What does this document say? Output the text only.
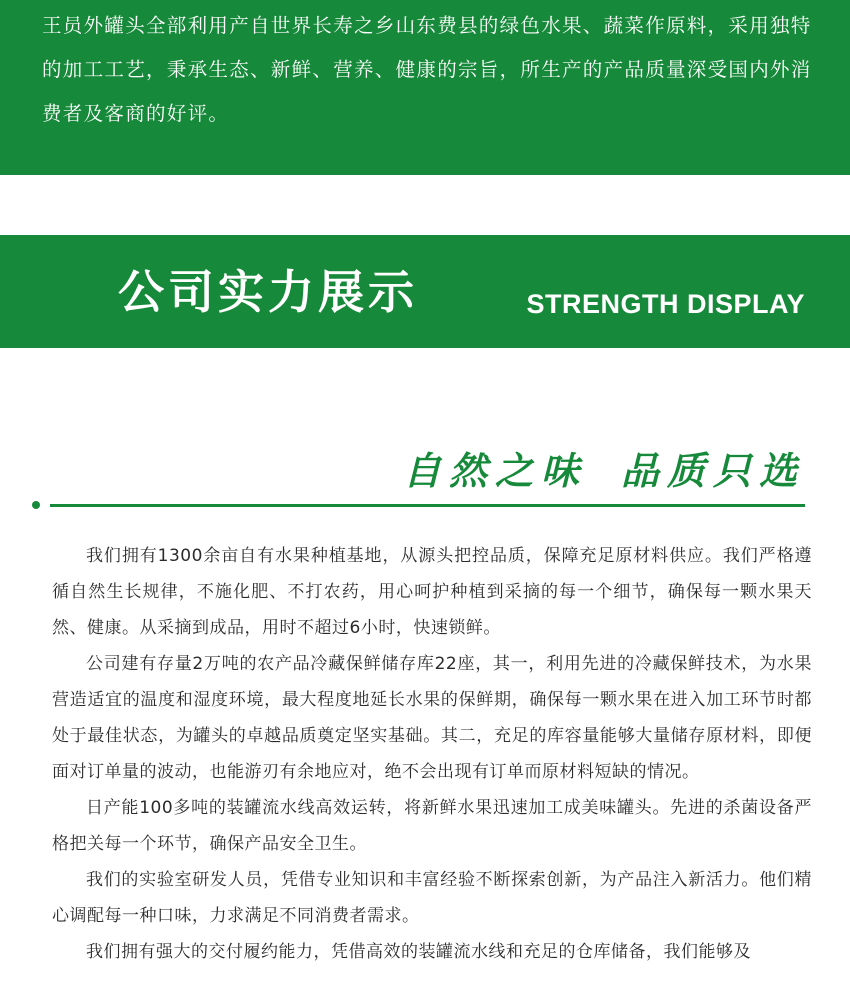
王员外罐头全部利用产自世界长寿之乡山东费县的绿色水果、蔬菜作原料，采用独特的加工工艺，秉承生态、新鲜、营养、健康的宗旨，所生产的产品质量深受国内外消费者及客商的好评。

公司实力展示	STRENGTH DISPLAY
自然之味 品质只选

我们拥有1300余亩自有水果种植基地，从源头把控品质，保障充足原材料供应。我们严格遵循自然生长规律，不施化肥、不打农药，用心呵护种植到采摘的每一个细节，确保每一颗水果天然、健康。从采摘到成品，用时不超过6小时，快速锁鲜。

公司建有存量2万吨的农产品冷藏保鲜储存库22座，其一，利用先进的冷藏保鲜技术，为水果营造适宜的温度和湿度环境，最大程度地延长水果的保鲜期，确保每一颗水果在进入加工环节时都处于最佳状态，为罐头的卓越品质奠定坚实基础。其二，充足的库容量能够大量储存原材料，即便面对订单量的波动，也能游刃有余地应对，绝不会出现有订单而原材料短缺的情况。

日产能100多吨的装罐流水线高效运转，将新鲜水果迅速加工成美味罐头。先进的杀菌设备严格把关每一个环节，确保产品安全卫生。

我们的实验室研发人员，凭借专业知识和丰富经验不断探索创新，为产品注入新活力。他们精心调配每一种口味，力求满足不同消费者需求。

我们拥有强大的交付履约能力，凭借高效的装罐流水线和充足的仓库储备，我们能够及
